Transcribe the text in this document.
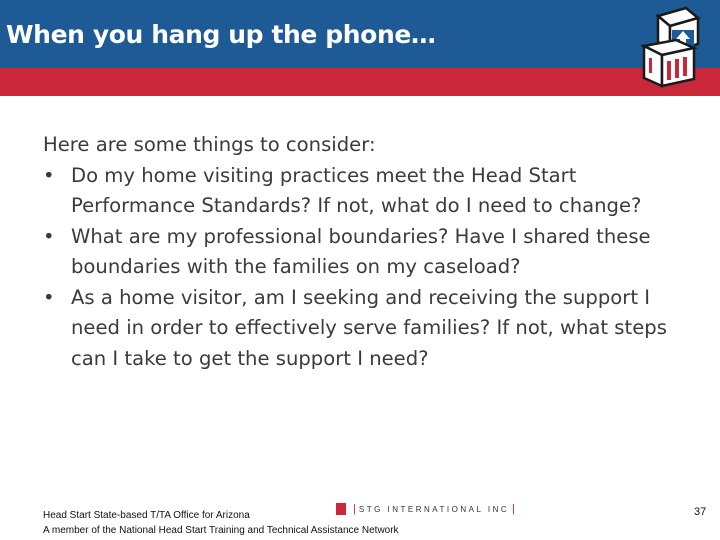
When you hang up the phone…

Here are some things to consider:

• Do my home visiting practices meet the Head Start Performance Standards? If not, what do I need to change?
• What are my professional boundaries? Have I shared these boundaries with the families on my caseload?
• As a home visitor, am I seeking and receiving the support I need in order to effectively serve families? If not, what steps can I take to get the support I need?
Head Start State-based T/TA Office for Arizona
A member of the National Head Start Training and Technical Assistance Network
| STG INTERNATIONAL INC |	37
